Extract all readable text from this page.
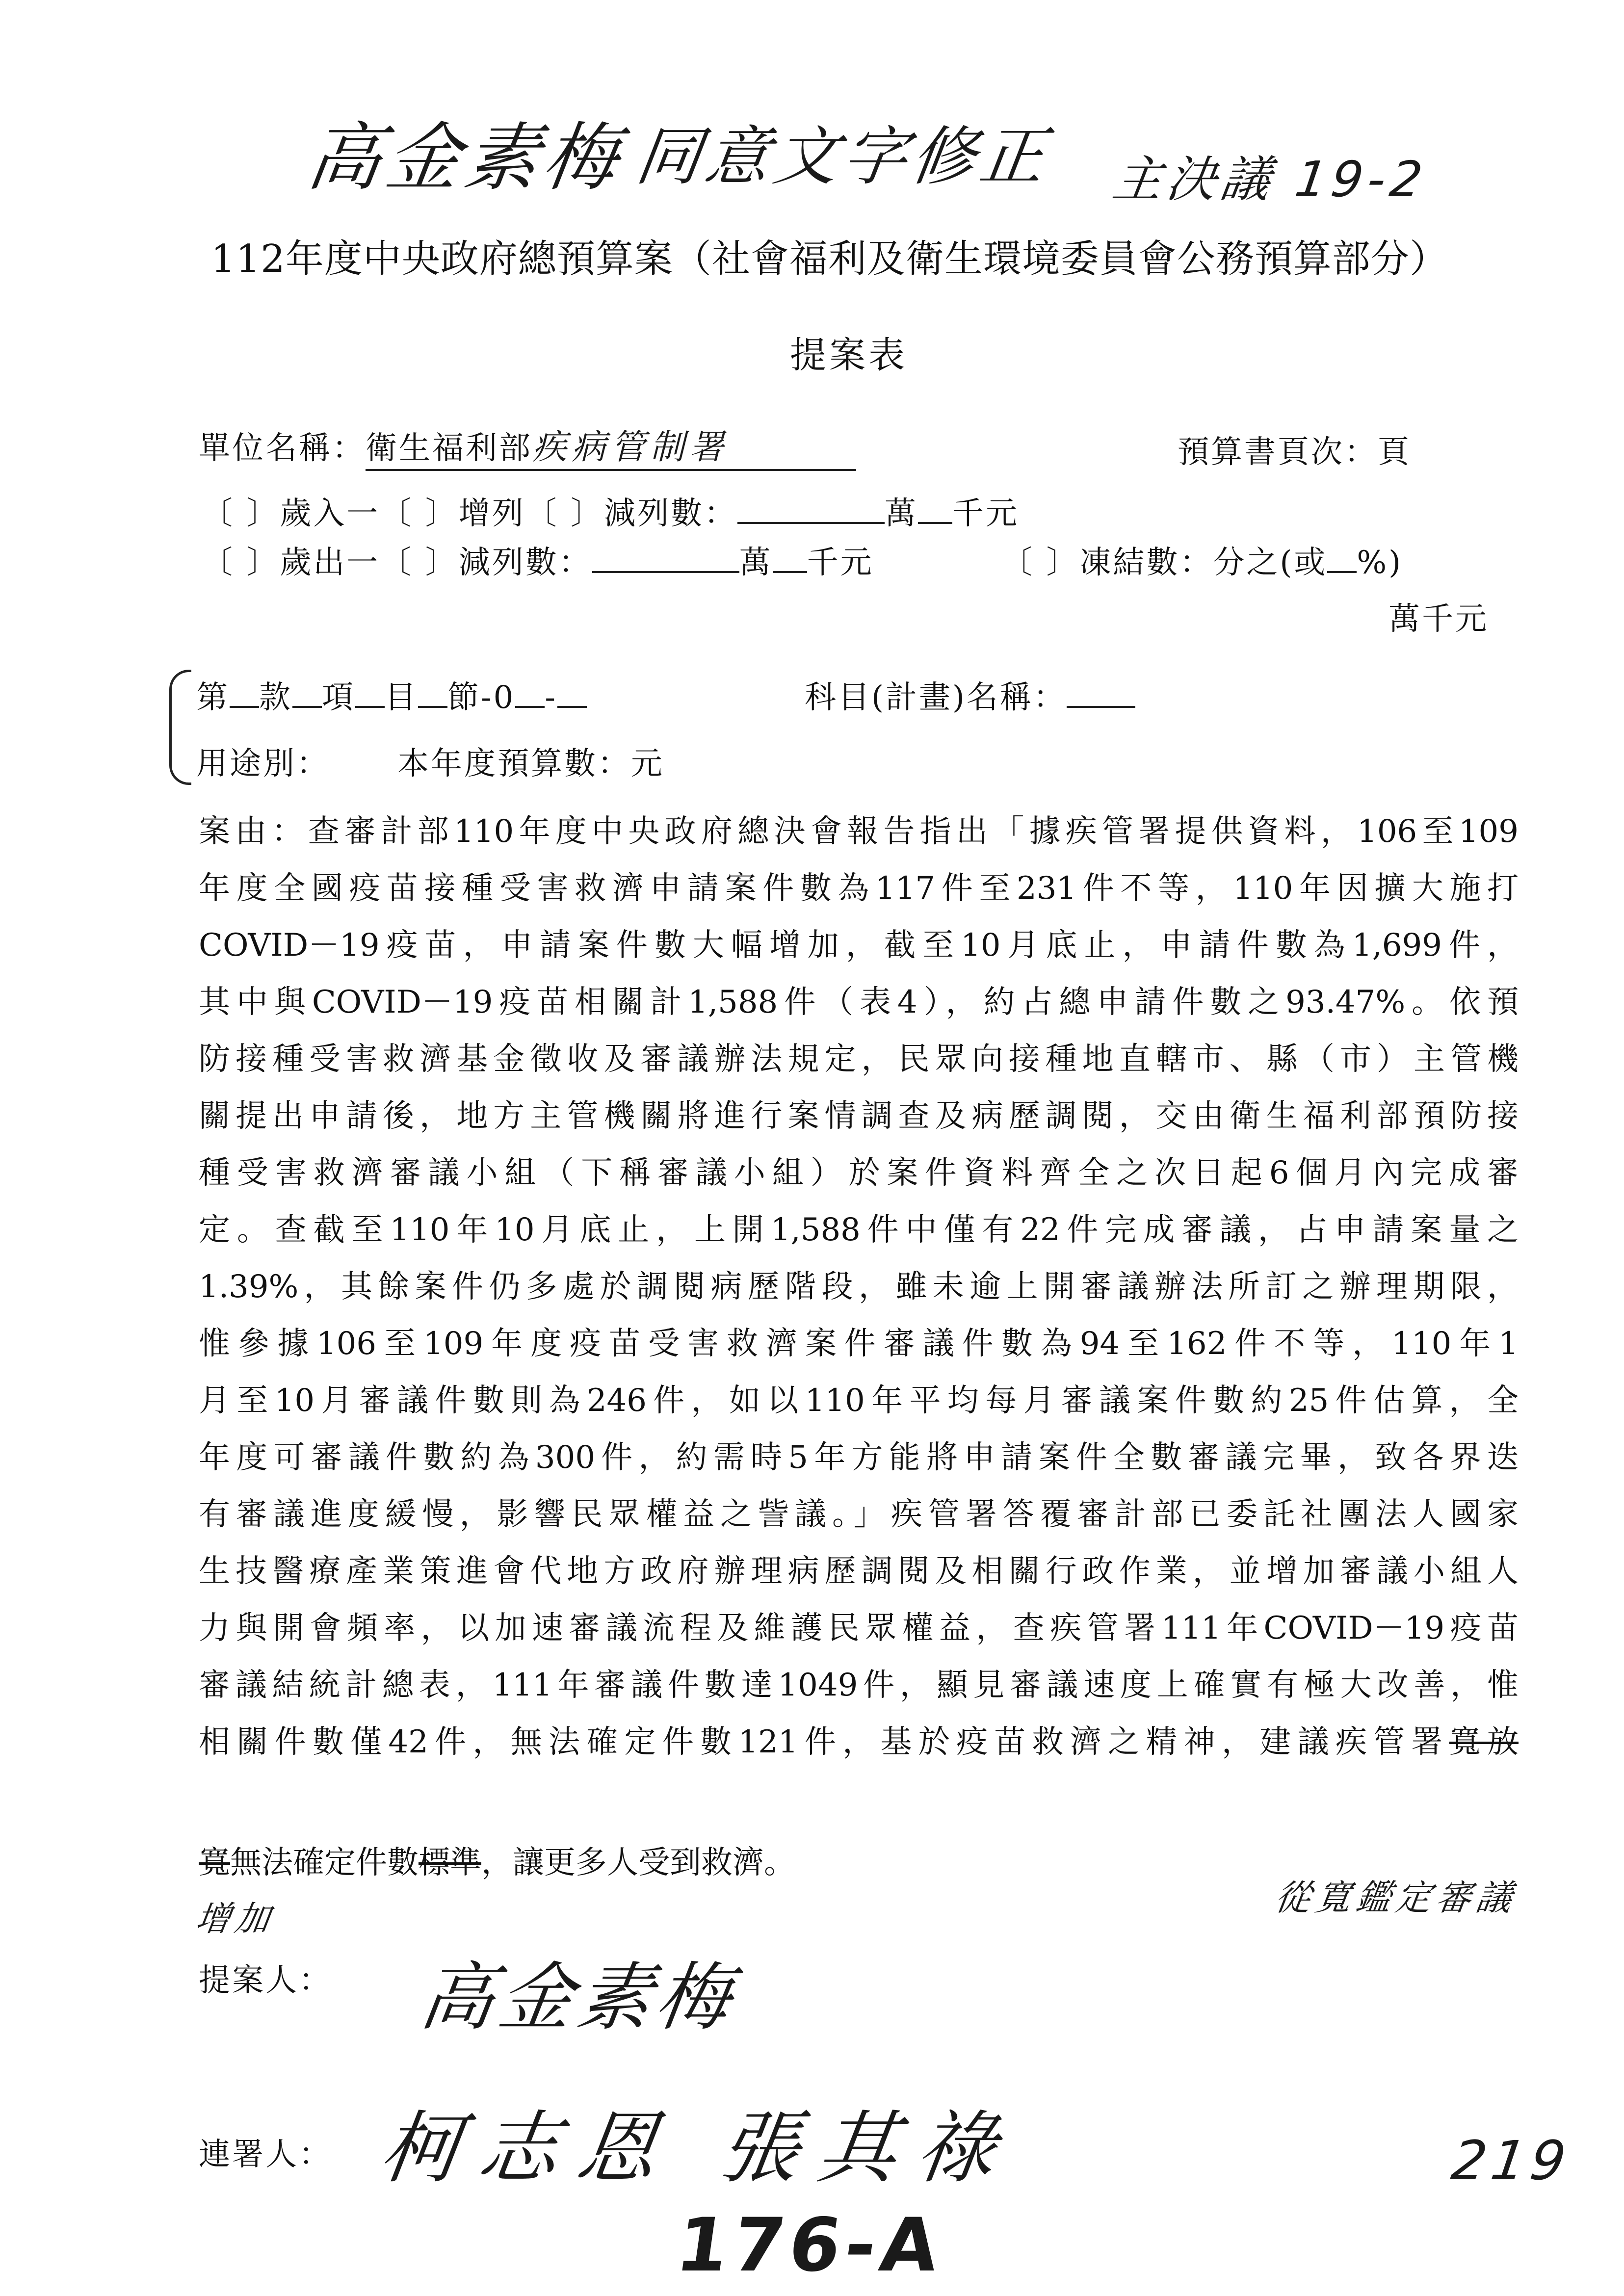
高金素梅 同意文字修正 主決議 19-2
112年度中央政府總預算案（社會福利及衛生環境委員會公務預算部分）
提案表
單位名稱：衛生福利部疾病管制署	預算書頁次：頁
〔 〕歲入一〔 〕增列〔 〕減列數：	萬 千元
〔 〕歲出一〔 〕減列數：	萬 千元	〔 〕凍結數：分之(或 %)
萬千元
第 款 項 目 節-0 -	科目(計畫)名稱：
用途別： 本年度預算數：元
案由：查審計部110年度中央政府總決會報告指出「據疾管署提供資料，106至109
年度全國疫苗接種受害救濟申請案件數為117件至231件不等，110年因擴大施打
COVID－19疫苗，申請案件數大幅增加，截至10月底止，申請件數為1,699件，
其中與COVID－19疫苗相關計1,588件（表4），約占總申請件數之93.47%。依預
防接種受害救濟基金徵收及審議辦法規定，民眾向接種地直轄市、縣（市）主管機
關提出申請後，地方主管機關將進行案情調查及病歷調閱，交由衛生福利部預防接
種受害救濟審議小組（下稱審議小組）於案件資料齊全之次日起6個月內完成審
定。查截至110年10月底止，上開1,588件中僅有22件完成審議，占申請案量之
1.39%，其餘案件仍多處於調閱病歷階段，雖未逾上開審議辦法所訂之辦理期限，
惟參據106至109年度疫苗受害救濟案件審議件數為94至162件不等，110年1
月至10月審議件數則為246件，如以110年平均每月審議案件數約25件估算，全
年度可審議件數約為300件，約需時5年方能將申請案件全數審議完畢，致各界迭
有審議進度緩慢，影響民眾權益之訾議。」疾管署答覆審計部已委託社團法人國家
生技醫療產業策進會代地方政府辦理病歷調閱及相關行政作業，並增加審議小組人
力與開會頻率，以加速審議流程及維護民眾權益，查疾管署111年COVID－19疫苗
審議結統計總表，111年審議件數達1049件，顯見審議速度上確實有極大改善，惟
相關件數僅42件，無法確定件數121件，基於疫苗救濟之精神，建議疾管署寬放
寬無法確定件數標準，讓更多人受到救濟。
從寬鑑定審議
增加
提案人： 高金素梅
連署人： 柯志恩 張其祿
176-A
219
